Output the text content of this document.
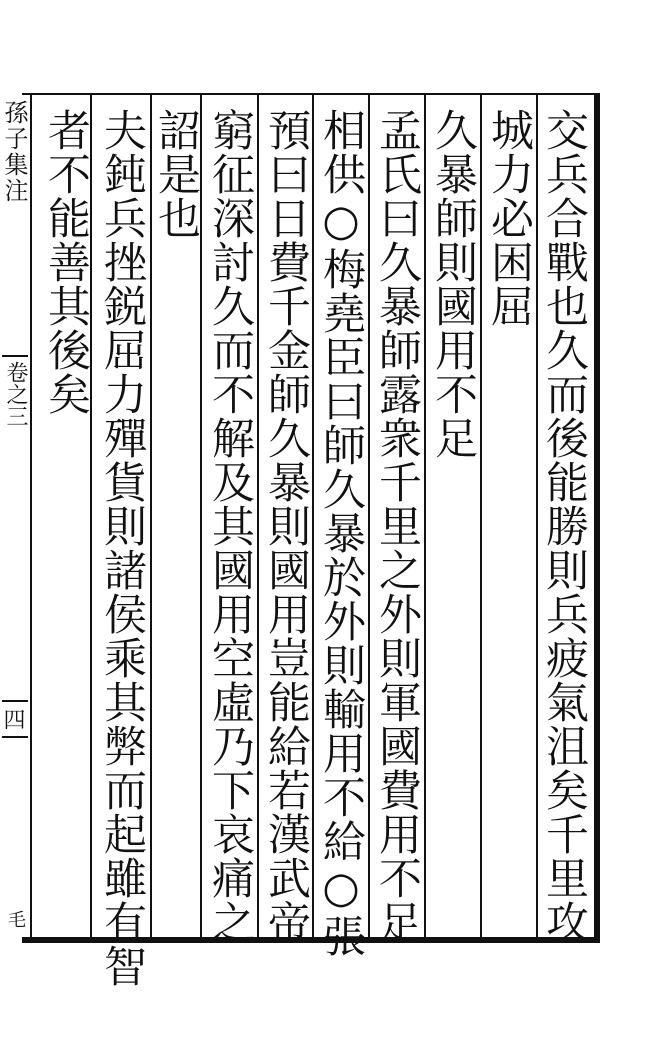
孫子集注
卷之三
四
毛	交兵合戰也久而後能勝則兵疲氣沮矣千里攻
城力必困屈
久暴師則國用不足
孟氏曰久暴師露衆千里之外則軍國費用不足
相供○梅堯臣曰師久暴於外則輸用不給○張
預曰日費千金師久暴則國用豈能給若漢武帝
窮征深討久而不解及其國用空虛乃下哀痛之
詔是也
夫鈍兵挫鋭屈力殫貨則諸侯乘其弊而起雖有智
者不能善其後矣
